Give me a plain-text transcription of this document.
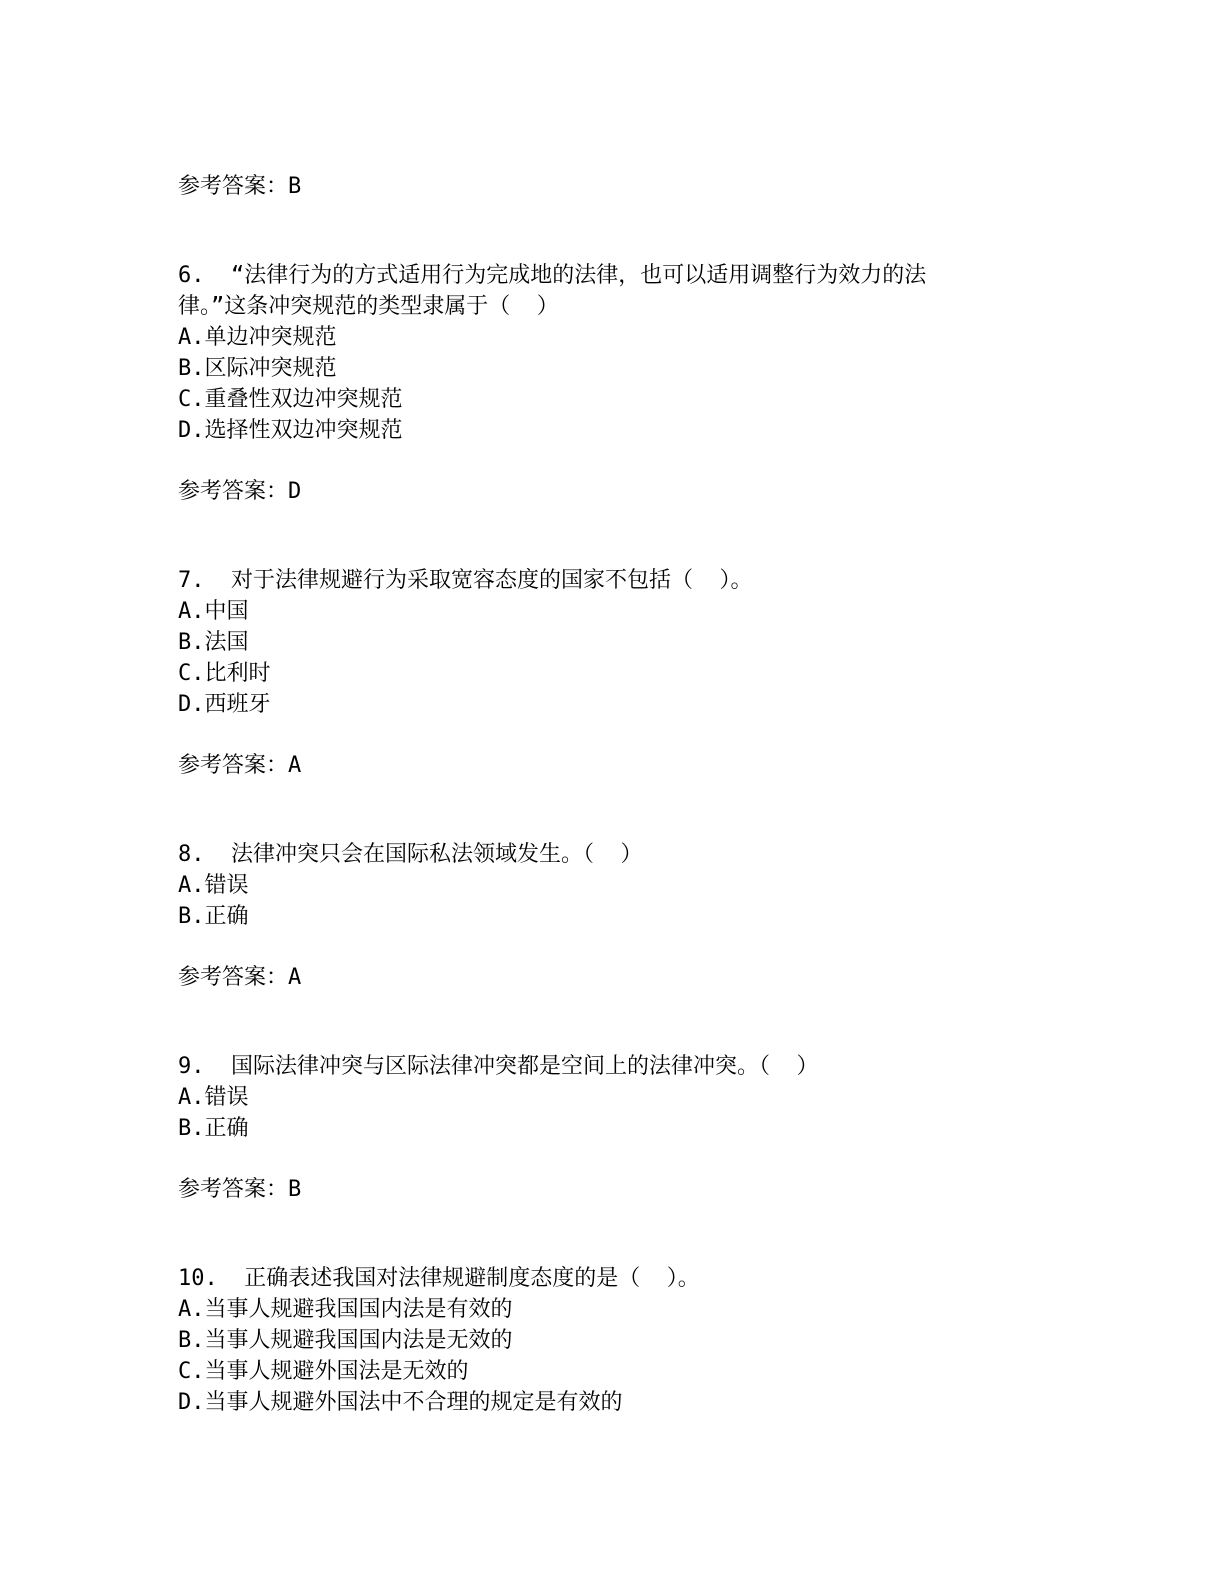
参考答案：B

6. “法律行为的方式适用行为完成地的法律，也可以适用调整行为效力的法

律。”这条冲突规范的类型隶属于（  ）

A.单边冲突规范

B.区际冲突规范

C.重叠性双边冲突规范

D.选择性双边冲突规范

参考答案：D

7. 对于法律规避行为采取宽容态度的国家不包括（  ）。

A.中国

B.法国

C.比利时

D.西班牙

参考答案：A

8. 法律冲突只会在国际私法领域发生。（  ）

A.错误

B.正确

参考答案：A

9. 国际法律冲突与区际法律冲突都是空间上的法律冲突。（  ）

A.错误

B.正确

参考答案：B

10. 正确表述我国对法律规避制度态度的是（  ）。

A.当事人规避我国国内法是有效的

B.当事人规避我国国内法是无效的

C.当事人规避外国法是无效的

D.当事人规避外国法中不合理的规定是有效的
